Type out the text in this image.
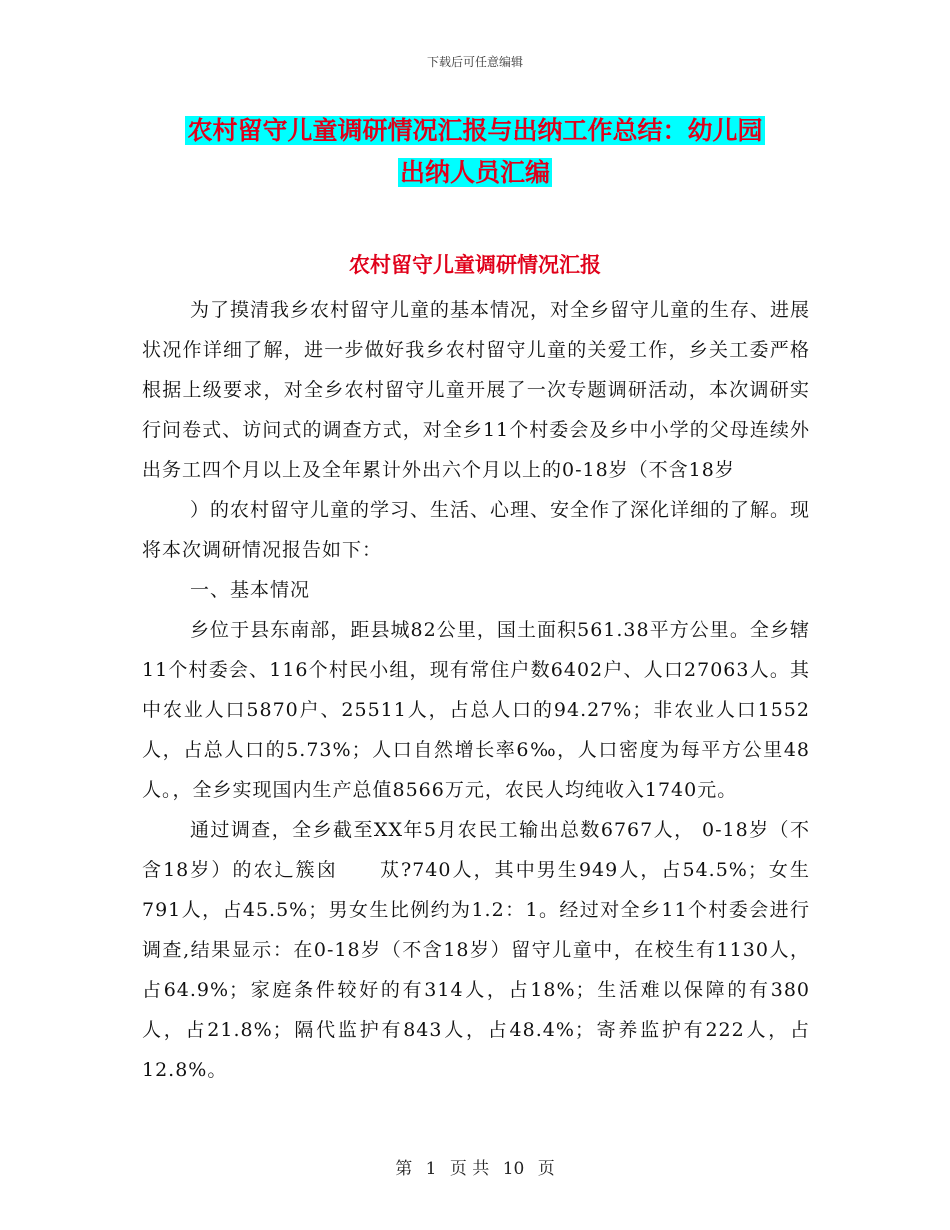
下载后可任意编辑
农村留守儿童调研情况汇报与出纳工作总结：幼儿园
出纳人员汇编
农村留守儿童调研情况汇报

为了摸清我乡农村留守儿童的基本情况，对全乡留守儿童的生存、进展状况作详细了解，进一步做好我乡农村留守儿童的关爱工作，乡关工委严格根据上级要求，对全乡农村留守儿童开展了一次专题调研活动，本次调研实行问卷式、访问式的调查方式，对全乡11个村委会及乡中小学的父母连续外出务工四个月以上及全年累计外出六个月以上的0-18岁（不含18岁

）的农村留守儿童的学习、生活、心理、安全作了深化详细的了解。现将本次调研情况报告如下：

一、基本情况

乡位于县东南部，距县城82公里，国土面积561.38平方公里。全乡辖11个村委会、116个村民小组，现有常住户数6402户、人口27063人。其中农业人口5870户、25511人，占总人口的94.27%；非农业人口1552人，占总人口的5.73%；人口自然增长率6‰，人口密度为每平方公里48人。，全乡实现国内生产总值8566万元，农民人均纯收入1740元。

通过调查，全乡截至XX年5月农民工输出总数6767人， 0-18岁（不含18岁）的农辶簇囟　　苁?740人，其中男生949人，占54.5%；女生791人，占45.5%；男女生比例约为1.2：1。经过对全乡11个村委会进行调查,结果显示：在0-18岁（不含18岁）留守儿童中，在校生有1130人，占64.9%；家庭条件较好的有314人，占18%；生活难以保障的有380人，占21.8%；隔代监护有843人，占48.4%；寄养监护有222人，占12.8%。

第 1 页 共 10 页
